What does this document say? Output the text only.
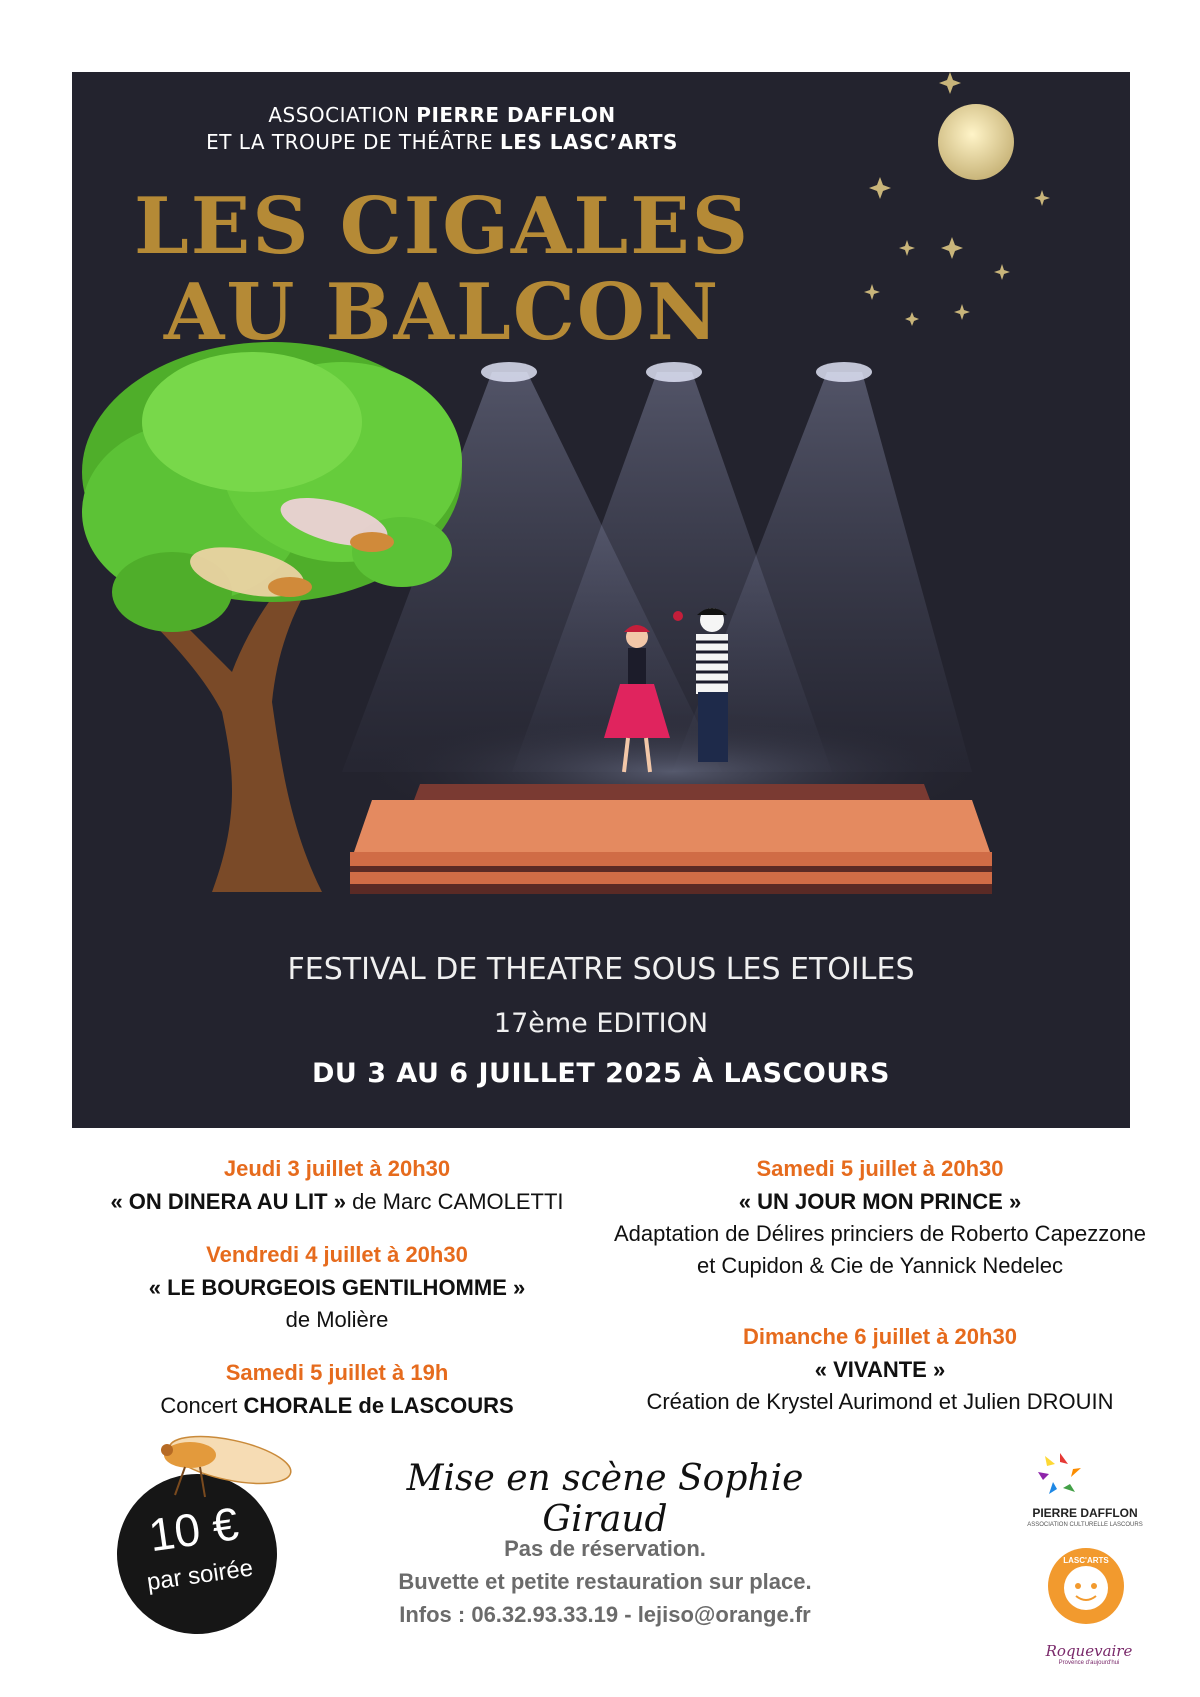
ASSOCIATION PIERRE DAFFLON
ET LA TROUPE DE THÉÂTRE LES LASC’ARTS
LES CIGALES
AU BALCON
FESTIVAL DE THEATRE SOUS LES ETOILES
17ème EDITION
DU 3 AU 6 JUILLET 2025 À LASCOURS
Jeudi 3 juillet à 20h30
« ON DINERA AU LIT » de Marc CAMOLETTI
Vendredi 4 juillet à 20h30
« LE BOURGEOIS GENTILHOMME »
de Molière
Samedi 5 juillet à 19h
Concert CHORALE de LASCOURS
Samedi 5 juillet à 20h30
« UN JOUR MON PRINCE »
Adaptation de Délires princiers de Roberto Capezzone
et Cupidon & Cie de Yannick Nedelec
Dimanche 6 juillet à 20h30
« VIVANTE »
Création de Krystel Aurimond et Julien DROUIN
10 €
par soirée
Mise en scène Sophie Giraud
Pas de réservation.
Buvette et petite restauration sur place.
Infos : 06.32.93.33.19 - lejiso@orange.fr
PIERRE DAFFLON
ASSOCIATION CULTURELLE LASCOURS
LASC'ARTS
Roquevaire
Provence d'aujourd'hui
